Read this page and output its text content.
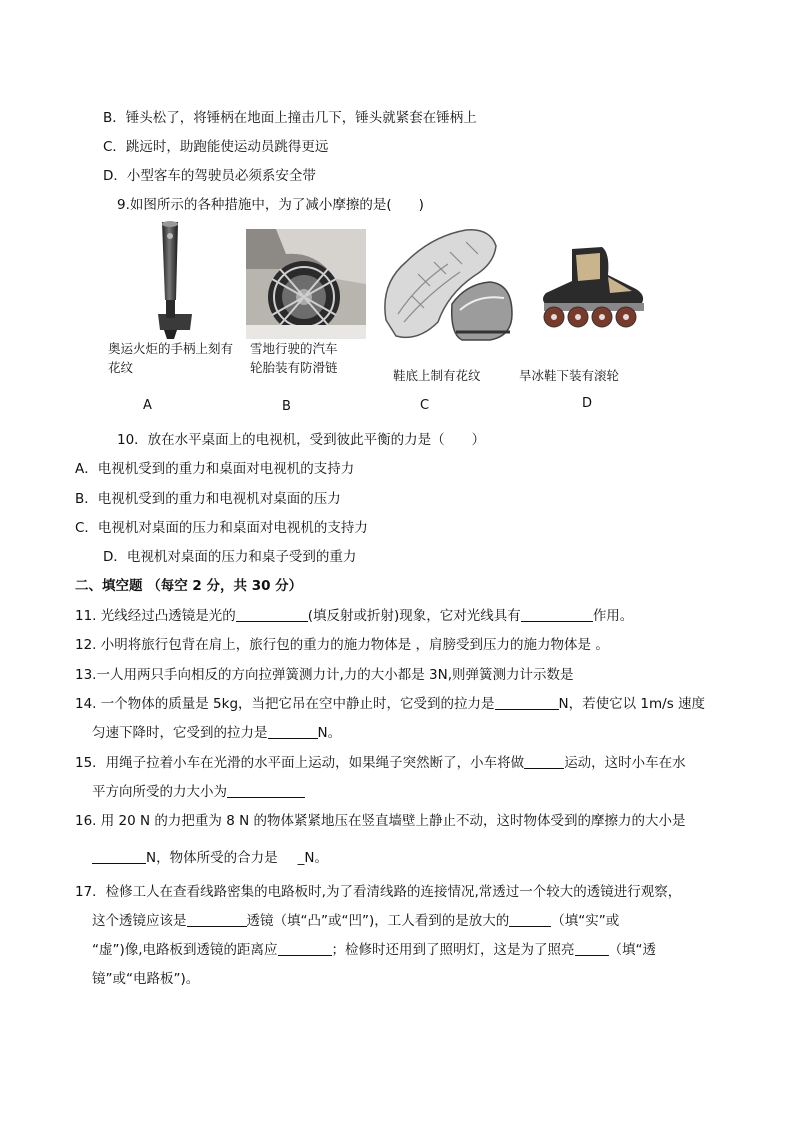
B．锤头松了，将锤柄在地面上撞击几下，锤头就紧套在锤柄上
C．跳远时，助跑能使运动员跳得更远
D．小型客车的驾驶员必须系安全带
9.如图所示的各种措施中，为了减小摩擦的是(　　)
奥运火炬的手柄上刻有
花纹
雪地行驶的汽车
轮胎装有防滑链
鞋底上制有花纹	旱冰鞋下装有滚轮
A	B	C	D
10．放在水平桌面上的电视机，受到彼此平衡的力是（　　）
A．电视机受到的重力和桌面对电视机的支持力
B．电视机受到的重力和电视机对桌面的压力
C．电视机对桌面的压力和桌面对电视机的支持力
D．电视机对桌面的压力和桌子受到的重力
二、填空题 （每空 2 分，共 30 分）
11. 光线经过凸透镜是光的	(填反射或折射)现象，它对光线具有	作用。
12. 小明将旅行包背在肩上，旅行包的重力的施力物体是 ，肩膀受到压力的施力物体是 。
13.一人用两只手向相反的方向拉弹簧测力计,力的大小都是 3N,则弹簧测力计示数是
14. 一个物体的质量是 5kg，当把它吊在空中静止时，它受到的拉力是	N，若使它以 1m/s 速度
匀速下降时，它受到的拉力是	N。
15．用绳子拉着小车在光滑的水平面上运动，如果绳子突然断了，小车将做	运动，这时小车在水
平方向所受的力大小为
16. 用 20 N 的力把重为 8 N 的物体紧紧地压在竖直墙壁上静止不动，这时物体受到的摩擦力的大小是
N，物体所受的合力是 _N。
17．检修工人在查看线路密集的电路板时,为了看清线路的连接情况,常透过一个较大的透镜进行观察，
这个透镜应该是	透镜（填“凸”或“凹”)，工人看到的是放大的	（填“实”或
“虚”)像,电路板到透镜的距离应	；检修时还用到了照明灯，这是为了照亮	（填“透
镜”或“电路板”)。
